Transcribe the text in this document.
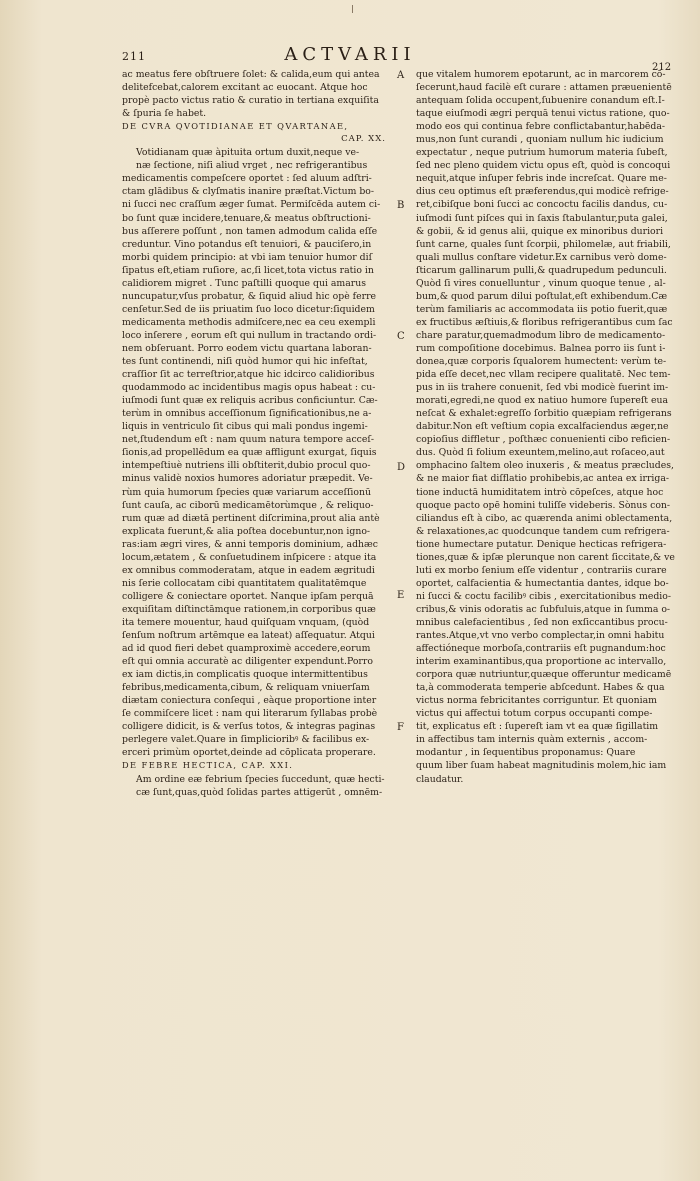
211	ACTVARII
212
ac meatus fere obſtruere ſolet: & calida,eum qui antea
delitefcebat,calorem excitant ac euocant. Atque hoc
propè pacto victus ratio & curatio in tertiana exquiſita
& ſpuria ſe habet.
DE CVRA QVOTIDIANAE ET QVARTANAE,
CAP. XX.
Votidianam quæ àpituita ortum duxit,neque ve-
næ ſectione, niſi aliud vrget , nec refrigerantibus
medicamentis compeſcere oportet : ſed aluum adſtri-
ctam glādibus & clyſmatis inanire præſtat.Victum bo-
ni ſucci nec craſſum æger ſumat. Permiſcēda autem ci-
bo ſunt quæ incidere,tenuare,& meatus obſtructioni-
bus aſſerere poſſunt , non tamen admodum calida eſſe
creduntur. Vino potandus eſt tenuiori, & pauciſero,in
morbi quidem principio: at vbi iam tenuior humor diſ
ſipatus eſt,etiam ruſiore, ac,ſi licet,tota victus ratio in
calidiorem migret . Tunc paſtilli quoque qui amarus
nuncupatur,vſus probatur, & ſiquid aliud hic opè ferre
cenſetur.Sed de iis priuatim ſuo loco dicetur:ſiquidem
medicamenta methodis admiſcere,nec ea ceu exempli
loco inſerere , eorum eſt qui nullum in tractando ordi-
nem obſeruant. Porro eodem victu quartana laboran-
tes ſunt continendi, niſi quòd humor qui hic infeſtat,
craſſior ſit ac terreſtrior,atque hic idcirco calidioribus
quodammodo ac incidentibus magis opus habeat : cu-
iuſmodi ſunt quæ ex reliquis acribus conficiuntur. Cæ-
terùm in omnibus acceſſionum ſignificationibus,ne a-
liquis in ventriculo ſit cibus qui mali pondus ingemi-
net,ſtudendum eſt : nam quum natura tempore acceſ-
ſionis,ad propellēdum ea quæ affligunt exurgat, ſiquis
intempeſtiuè nutriens illi obſtiterit,dubio procul quo-
minus validè noxios humores adoriatur præpedit. Ve-
rùm quia humorum ſpecies quæ variarum acceſſionū
ſunt cauſa, ac ciborū medicamētorùmque , & reliquo-
rum quæ ad diætā pertinent diſcrimina,prout alia antè
explicata fuerunt,& alia poſtea docebuntur,non igno-
ras:iam ægri vires, & anni temporis dominium, adhæc
locum,ætatem , & conſuetudinem inſpicere : atque ita
ex omnibus commoderatam, atque in eadem ægritudi
nis ſerie collocatam cibi quantitatem qualitatēmque
colligere & coniectare oportet. Nanque ipſam perquā
exquiſitam diſtinctāmque rationem,in corporibus quæ
ita temere mouentur, haud quiſquam vnquam, (quòd
ſenſum noſtrum artēmque ea lateat) aſſequatur. Atqui
ad id quod fieri debet quamproximè accedere,eorum
eſt qui omnia accuratè ac diligenter expendunt.Porro
ex iam dictis,in complicatis quoque intermittentibus
febribus,medicamenta,cibum, & reliquam vniuerſam
diætam coniectura conſequi , eàque proportione inter
ſe commiſcere licet : nam qui literarum ſyllabas probè
colligere didicit, is & verſus totos, & integras paginas
perlegere valet.Quare in ſimplicioribꝰ & facilibus ex-
erceri primùm oportet,deinde ad cōplicata properare.
DE FEBRE HECTICA, CAP. XXI.
Am ordine eæ febrium ſpecies ſuccedunt, quæ hecti-
cæ ſunt,quas,quòd ſolidas partes attigerūt , omnēm-
que vitalem humorem epotarunt, ac in marcorem cō-
ſecerunt,haud facilè eſt curare : attamen præuenientē
antequam ſolida occupent,ſubuenire conandum eſt.I-
taque eiuſmodi ægri perquā tenui victus ratione, quo-
modo eos qui continua febre conflictabantur,habēda-
mus,non ſunt curandi , quoniam nullum hic iudicium
expectatur , neque putrium humorum materia ſubeſt,
ſed nec pleno quidem victu opus eſt, quòd is concoqui
nequit,atque inſuper febris inde increſcat. Quare me-
dius ceu optimus eſt præferendus,qui modicè refrige-
ret,cibiſque boni ſucci ac concoctu facilis dandus, cu-
iuſmodi ſunt piſces qui in ſaxis ſtabulantur,puta galei,
& gobii, & id genus alii, quique ex minoribus duriori
ſunt carne, quales ſunt ſcorpii, philomelæ, aut friabili,
quali mullus conſtare videtur.Ex carnibus verò dome-
ſticarum gallinarum pulli,& quadrupedum pedunculi.
Quòd ſi vires conuelluntur , vinum quoque tenue , al-
bum,& quod parum dilui poſtulat,eſt exhibendum.Cæ
terùm familiaris ac accommodata iis potio fuerit,quæ
ex fructibus æſtiuis,& floribus refrigerantibus cum ſac
chare paratur,quemadmodum libro de medicamento-
rum compoſitione docebimus. Balnea porro iis ſunt i-
donea,quæ corporis ſqualorem humectent: verùm te-
pida eſſe decet,nec vllam recipere qualitatē. Nec tem-
pus in iis trahere conuenit, ſed vbi modicè fuerint im-
morati,egredi,ne quod ex natiuo humore ſupereſt eua
neſcat & exhalet:egreſſo ſorbitio quæpiam refrigerans
dabitur.Non eſt veſtium copia excalfaciendus æger,ne
copioſius diffletur , poſthæc conuenienti cibo reficien-
dus. Quòd ſi folium exeuntem,melino,aut roſaceo,aut
omphacino ſaltem oleo inuxeris , & meatus præcludes,
& ne maior fiat diſflatio prohibebis,ac antea ex irriga-
tione inductā humiditatem intrò cōpeſces, atque hoc
quoque pacto opē homini tuliſſe videberis. Sònus con-
ciliandus eſt à cibo, ac quærenda animi oblectamenta,
& relaxationes,ac quodcunque tandem cum refrigera-
tione humectare putatur. Denique hecticas refrigera-
tiones,quæ & ipſæ plerunque non carent ſiccitate,& ve
luti ex morbo ſenium eſſe videntur , contrariis curare
oportet, calfacientia & humectantia dantes, idque bo-
ni ſucci & coctu facilibꝰ cibis , exercitationibus medio-
cribus,& vinis odoratis ac ſubfuluis,atque in ſumma o-
mnibus calefacientibus , ſed non exſiccantibus procu-
rantes.Atque,vt vno verbo complectar,in omni habitu
affectióneque morboſa,contrariis eſt pugnandum:hoc
interim examinantibus,qua proportione ac intervallo,
corpora quæ nutriuntur,quæque offeruntur medicamē
ta,à commoderata temperie abſcedunt. Habes & qua
victus norma febricitantes corriguntur. Et quoniam
victus qui affectui totum corpus occupanti compe-
tit, explicatus eſt : ſupereſt iam vt ea quæ ſigillatim
in affectibus tam internis quàm externis , accom-
modantur , in ſequentibus proponamus: Quare
quum liber ſuam habeat magnitudinis molem,hic iam
claudatur.
A
B
C
D
E
F
